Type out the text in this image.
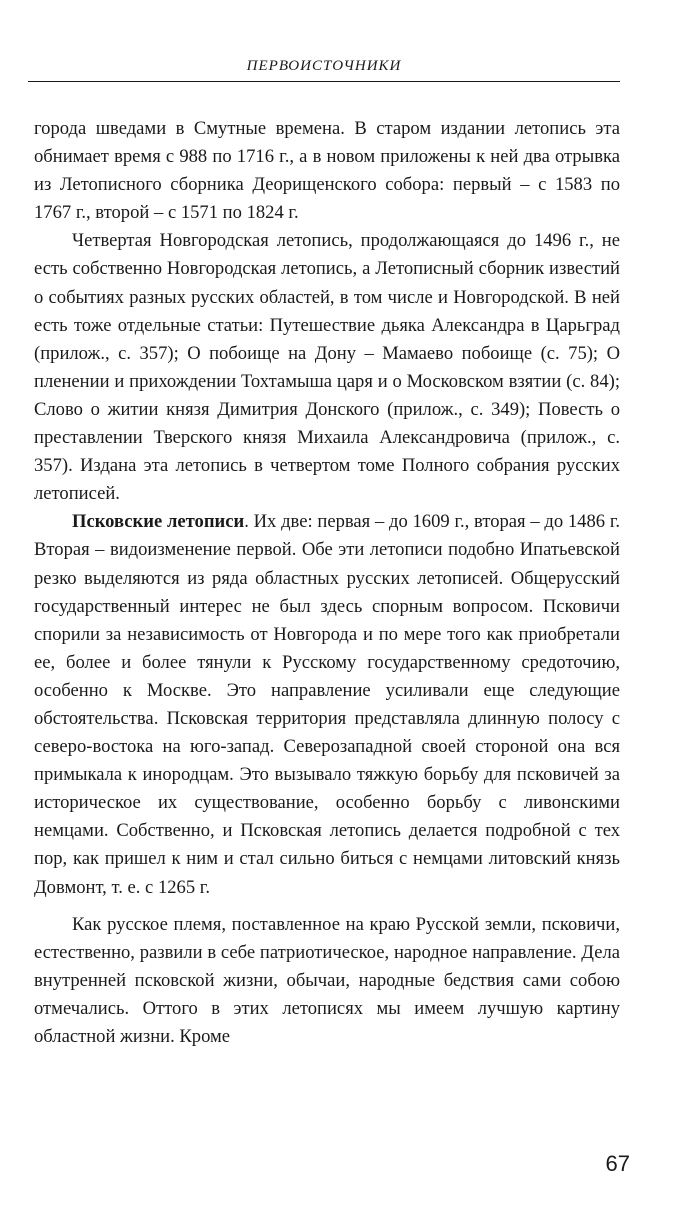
ПЕРВОИСТОЧНИКИ

города шведами в Смутные времена. В старом издании летопись эта обнимает время с 988 по 1716 г., а в новом приложены к ней два отрывка из Летописного сборника Деорищенского собора: первый – с 1583 по 1767 г., второй – с 1571 по 1824 г.

Четвертая Новгородская летопись, продолжающаяся до 1496 г., не есть собственно Новгородская летопись, а Летописный сборник известий о событиях разных русских областей, в том числе и Новгородской. В ней есть тоже отдельные статьи: Путешествие дьяка Александра в Царьград (прилож., с. 357); О побоище на Дону – Мамаево побоище (с. 75); О пленении и прихождении Тохтамыша царя и о Московском взятии (с. 84); Слово о житии князя Димитрия Донского (прилож., с. 349); Повесть о преставлении Тверского князя Михаила Александровича (прилож., с. 357). Издана эта летопись в четвертом томе Полного собрания русских летописей.

Псковские летописи. Их две: первая – до 1609 г., вторая – до 1486 г. Вторая – видоизменение первой. Обе эти летописи подобно Ипатьевской резко выделяются из ряда областных русских летописей. Общерусский государственный интерес не был здесь спорным вопросом. Псковичи спорили за независимость от Новгорода и по мере того как приобретали ее, более и более тянули к Русскому государственному средоточию, особенно к Москве. Это направление усиливали еще следующие обстоятельства. Псковская территория представляла длинную полосу с северо-востока на юго-запад. Северозападной своей стороной она вся примыкала к инородцам. Это вызывало тяжкую борьбу для псковичей за историческое их существование, особенно борьбу с ливонскими немцами. Собственно, и Псковская летопись делается подробной с тех пор, как пришел к ним и стал сильно биться с немцами литовский князь Довмонт, т. е. с 1265 г.

Как русское племя, поставленное на краю Русской земли, псковичи, естественно, развили в себе патриотическое, народное направление. Дела внутренней псковской жизни, обычаи, народные бедствия сами собою отмечались. Оттого в этих летописях мы имеем лучшую картину областной жизни. Кроме

67
